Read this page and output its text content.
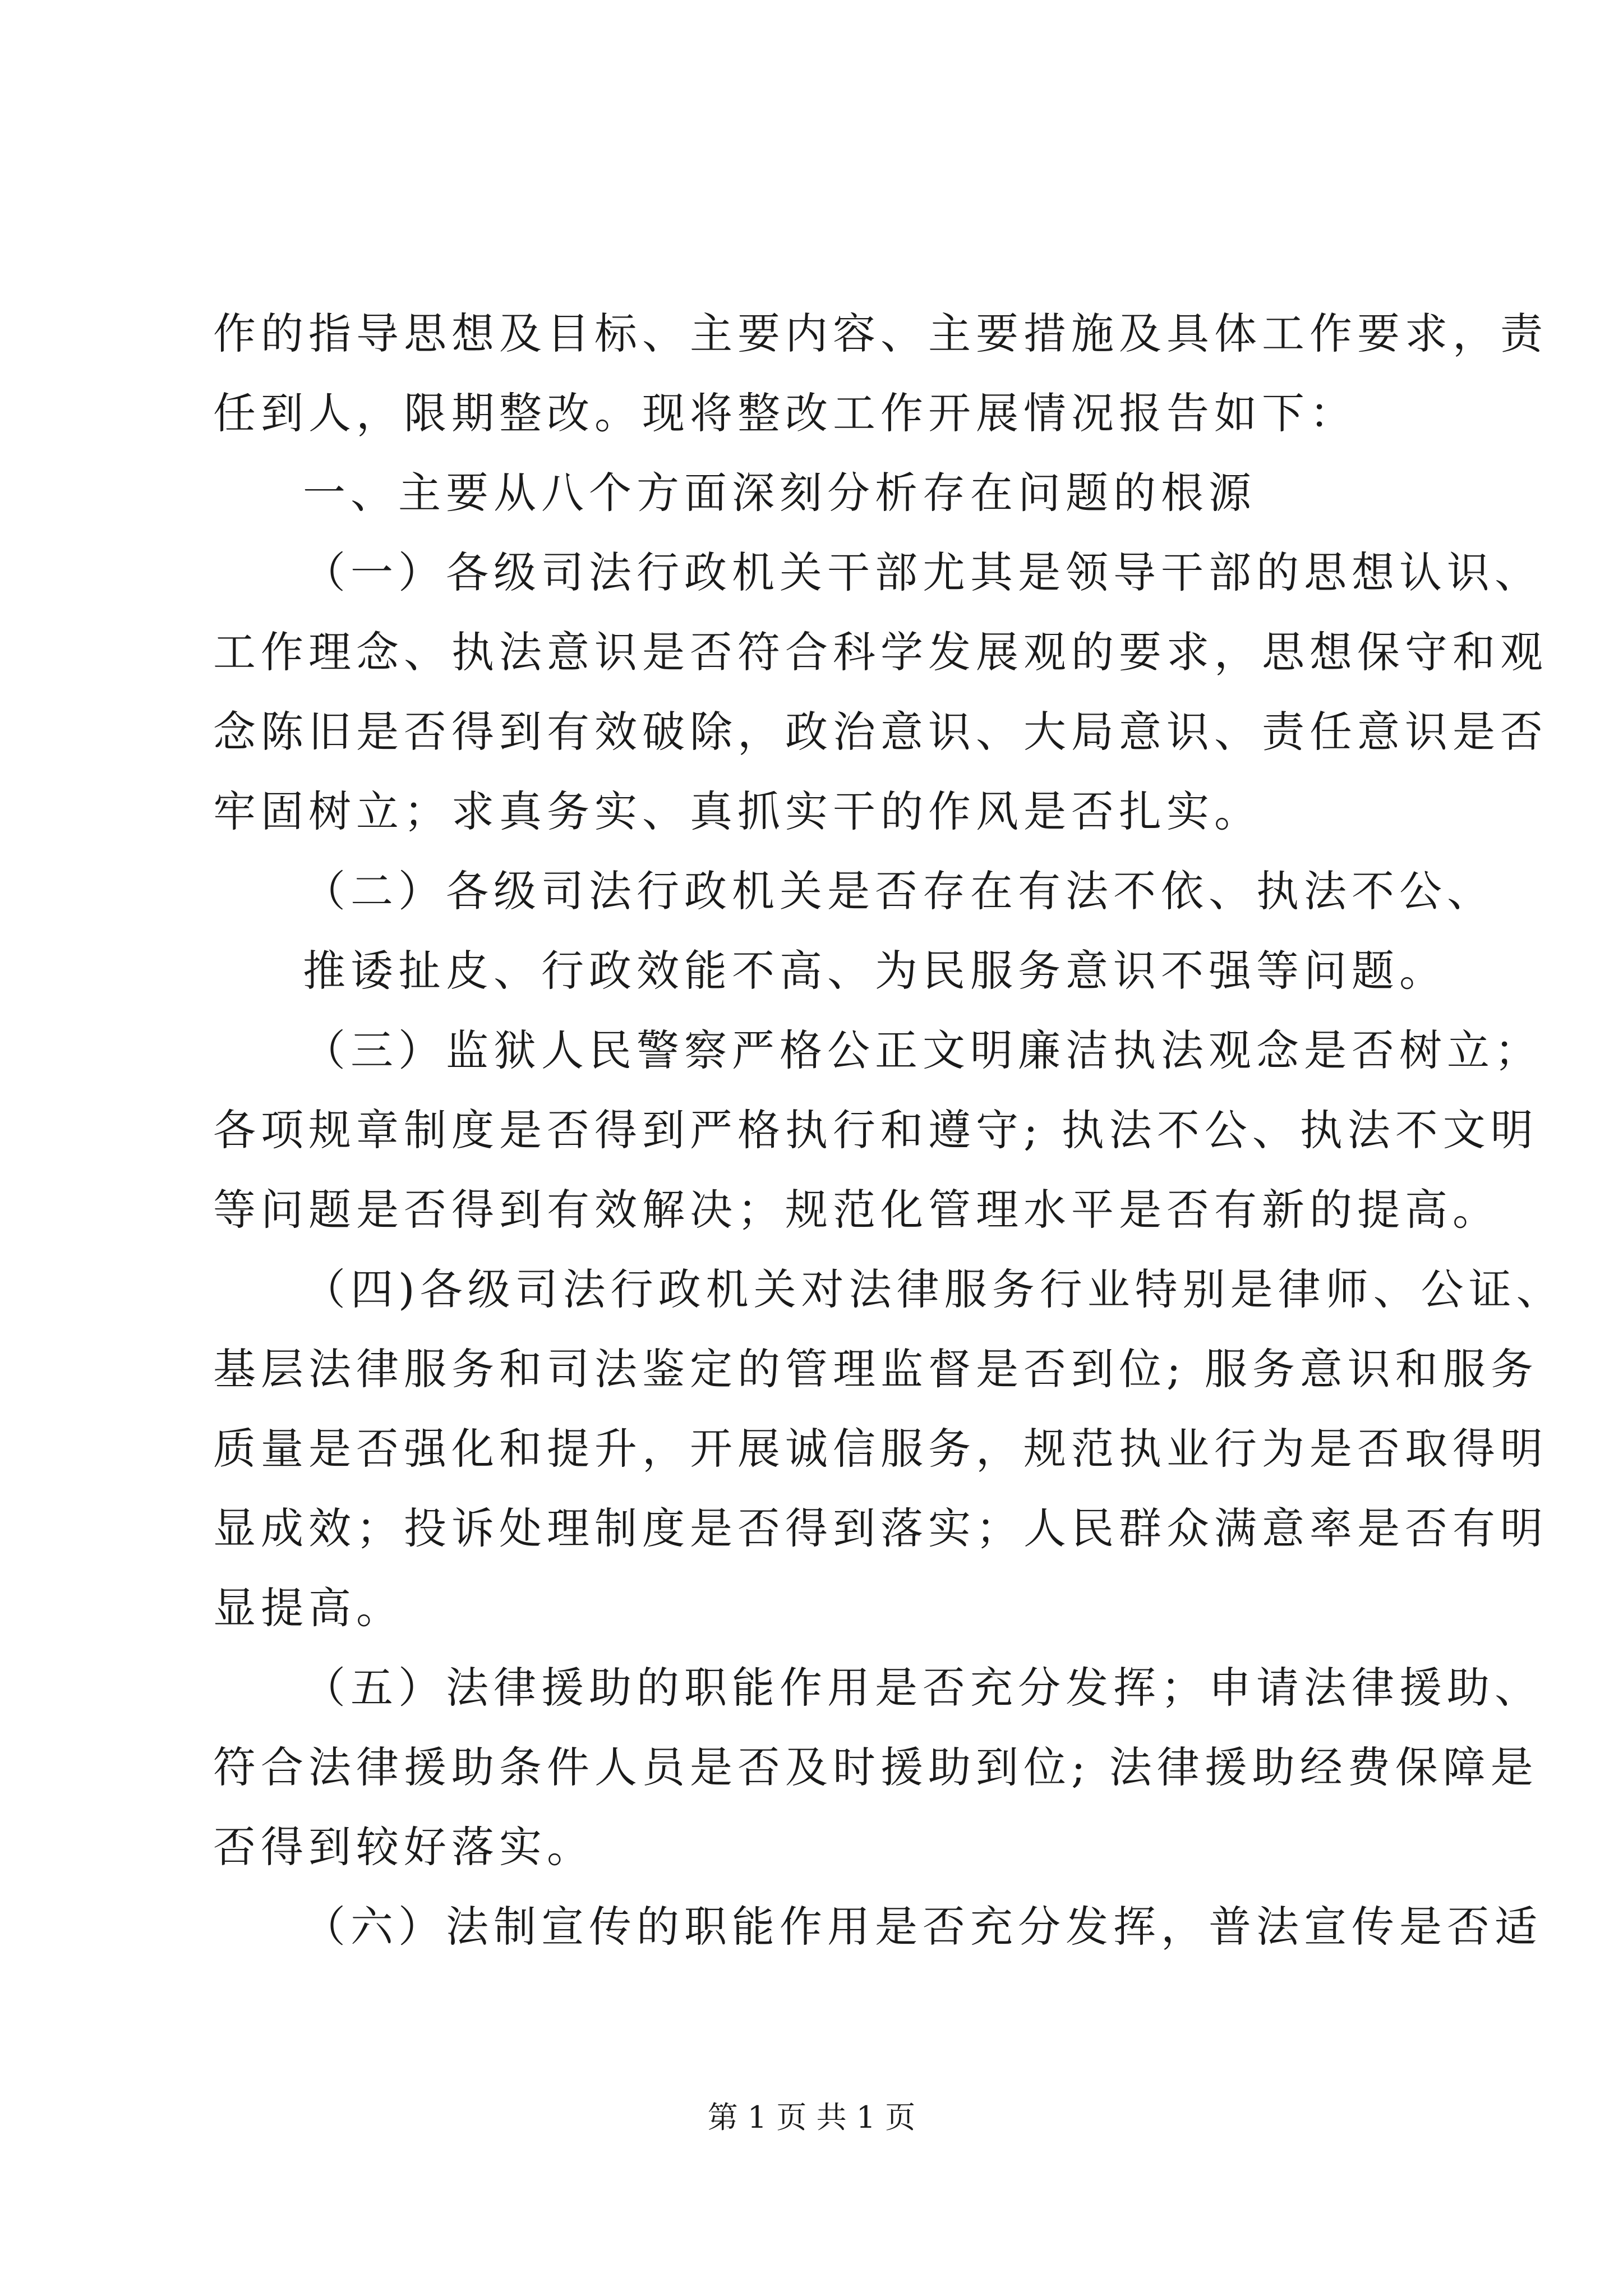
作的指导思想及目标、主要内容、主要措施及具体工作要求，责
任到人，限期整改。现将整改工作开展情况报告如下：
一、主要从八个方面深刻分析存在问题的根源
（一）各级司法行政机关干部尤其是领导干部的思想认识、
工作理念、执法意识是否符合科学发展观的要求，思想保守和观
念陈旧是否得到有效破除，政治意识、大局意识、责任意识是否
牢固树立；求真务实、真抓实干的作风是否扎实。
（二）各级司法行政机关是否存在有法不依、执法不公、
推诿扯皮、行政效能不高、为民服务意识不强等问题。
（三）监狱人民警察严格公正文明廉洁执法观念是否树立；
各项规章制度是否得到严格执行和遵守; 执法不公、执法不文明
等问题是否得到有效解决；规范化管理水平是否有新的提高。
（四)各级司法行政机关对法律服务行业特别是律师、公证、
基层法律服务和司法鉴定的管理监督是否到位; 服务意识和服务
质量是否强化和提升，开展诚信服务，规范执业行为是否取得明
显成效；投诉处理制度是否得到落实；人民群众满意率是否有明
显提高。
（五）法律援助的职能作用是否充分发挥；申请法律援助、
符合法律援助条件人员是否及时援助到位; 法律援助经费保障是
否得到较好落实。
（六）法制宣传的职能作用是否充分发挥，普法宣传是否适
第 1 页 共 1 页
